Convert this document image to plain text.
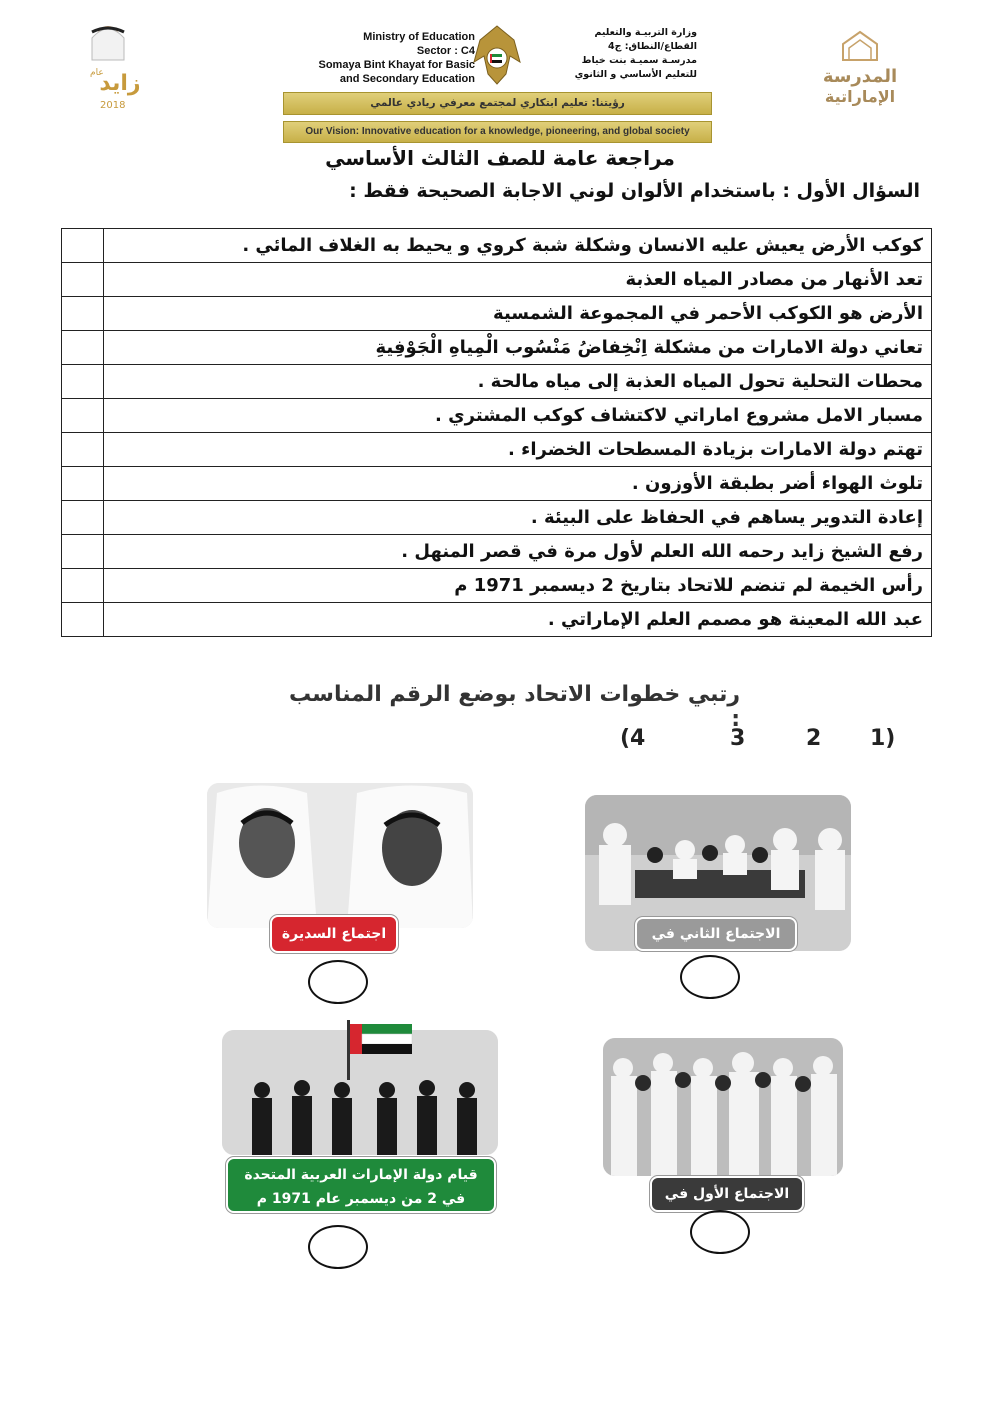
زايد
عام
2018
Ministry of Education
Sector : C4
Somaya Bint Khayat for Basic
and Secondary Education
وزارة التربيـة والتعليم
القطاع/النطاق: ج4
مدرسـة سميـة بنت خياط
للتعليم الأساسي و الثانوي	المدرسة
الإماراتية
رؤيتنا: تعليم ابتكاري لمجتمع معرفي ريادي عالمي
Our Vision: Innovative education for a knowledge, pioneering, and global society
مراجعة عامة للصف الثالث الأساسي
السؤال الأول : باستخدام الألوان لوني الاجابة الصحيحة فقط :
كوكب الأرض يعيش عليه الانسان وشكلة شبة كروي و يحيط به الغلاف المائي .	
تعد الأنهار من مصادر المياه العذبة	
الأرض هو الكوكب الأحمر في المجموعة الشمسية	
تعاني دولة الامارات من مشكلة اِنْخِفاضُ مَنْسُوب الْمِياهِ الْجَوْفِيةِ	
محطات التحلية تحول المياه العذبة إلى مياه مالحة .	
مسبار الامل مشروع اماراتي لاكتشاف كوكب المشتري .	
تهتم دولة الامارات بزيادة المسطحات الخضراء .	
تلوث الهواء أضر بطبقة الأوزون .	
إعادة التدوير يساهم في الحفاظ على البيئة .	
رفع الشيخ زايد رحمه الله العلم لأول مرة في قصر المنهل .	
رأس الخيمة لم تنضم للاتحاد بتاريخ 2 ديسمبر 1971 م	
عبد الله المعينة هو مصمم العلم الإماراتي .	
رتبي خطوات الاتحاد بوضع الرقم المناسب :
1)
2
3
(4
الاجتماع الثاني في دبي
اجتماع السديرة
الاجتماع الأول في دبي
قيام دولة الإمارات العربية المتحدة
في 2 من ديسمبر عام 1971 م
